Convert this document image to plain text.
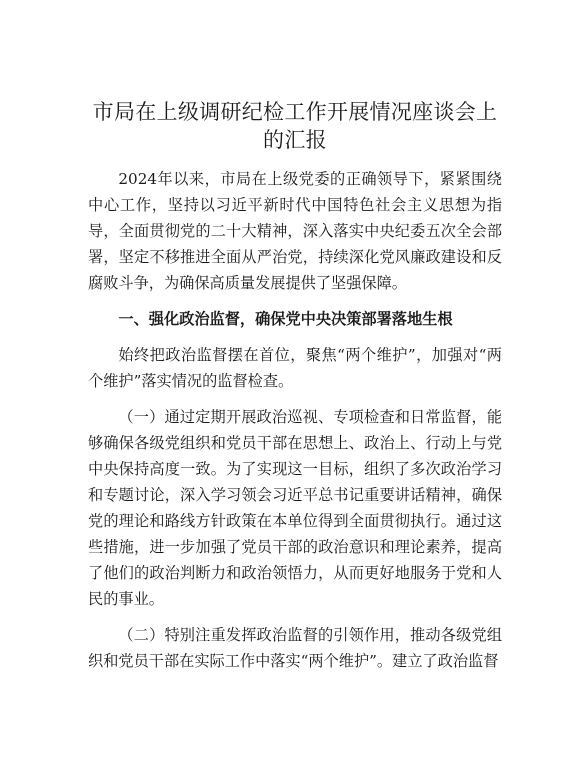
市局在上级调研纪检工作开展情况座谈会上的汇报

2024年以来，市局在上级党委的正确领导下，紧紧围绕中心工作，坚持以习近平新时代中国特色社会主义思想为指导，全面贯彻党的二十大精神，深入落实中央纪委五次全会部署，坚定不移推进全面从严治党，持续深化党风廉政建设和反腐败斗争，为确保高质量发展提供了坚强保障。

一、强化政治监督，确保党中央决策部署落地生根

始终把政治监督摆在首位，聚焦“两个维护”，加强对“两个维护”落实情况的监督检查。

（一）通过定期开展政治巡视、专项检查和日常监督，能够确保各级党组织和党员干部在思想上、政治上、行动上与党中央保持高度一致。为了实现这一目标，组织了多次政治学习和专题讨论，深入学习领会习近平总书记重要讲话精神，确保党的理论和路线方针政策在本单位得到全面贯彻执行。通过这些措施，进一步加强了党员干部的政治意识和理论素养，提高了他们的政治判断力和政治领悟力，从而更好地服务于党和人民的事业。

（二）特别注重发挥政治监督的引领作用，推动各级党组织和党员干部在实际工作中落实“两个维护”。建立了政治监督
